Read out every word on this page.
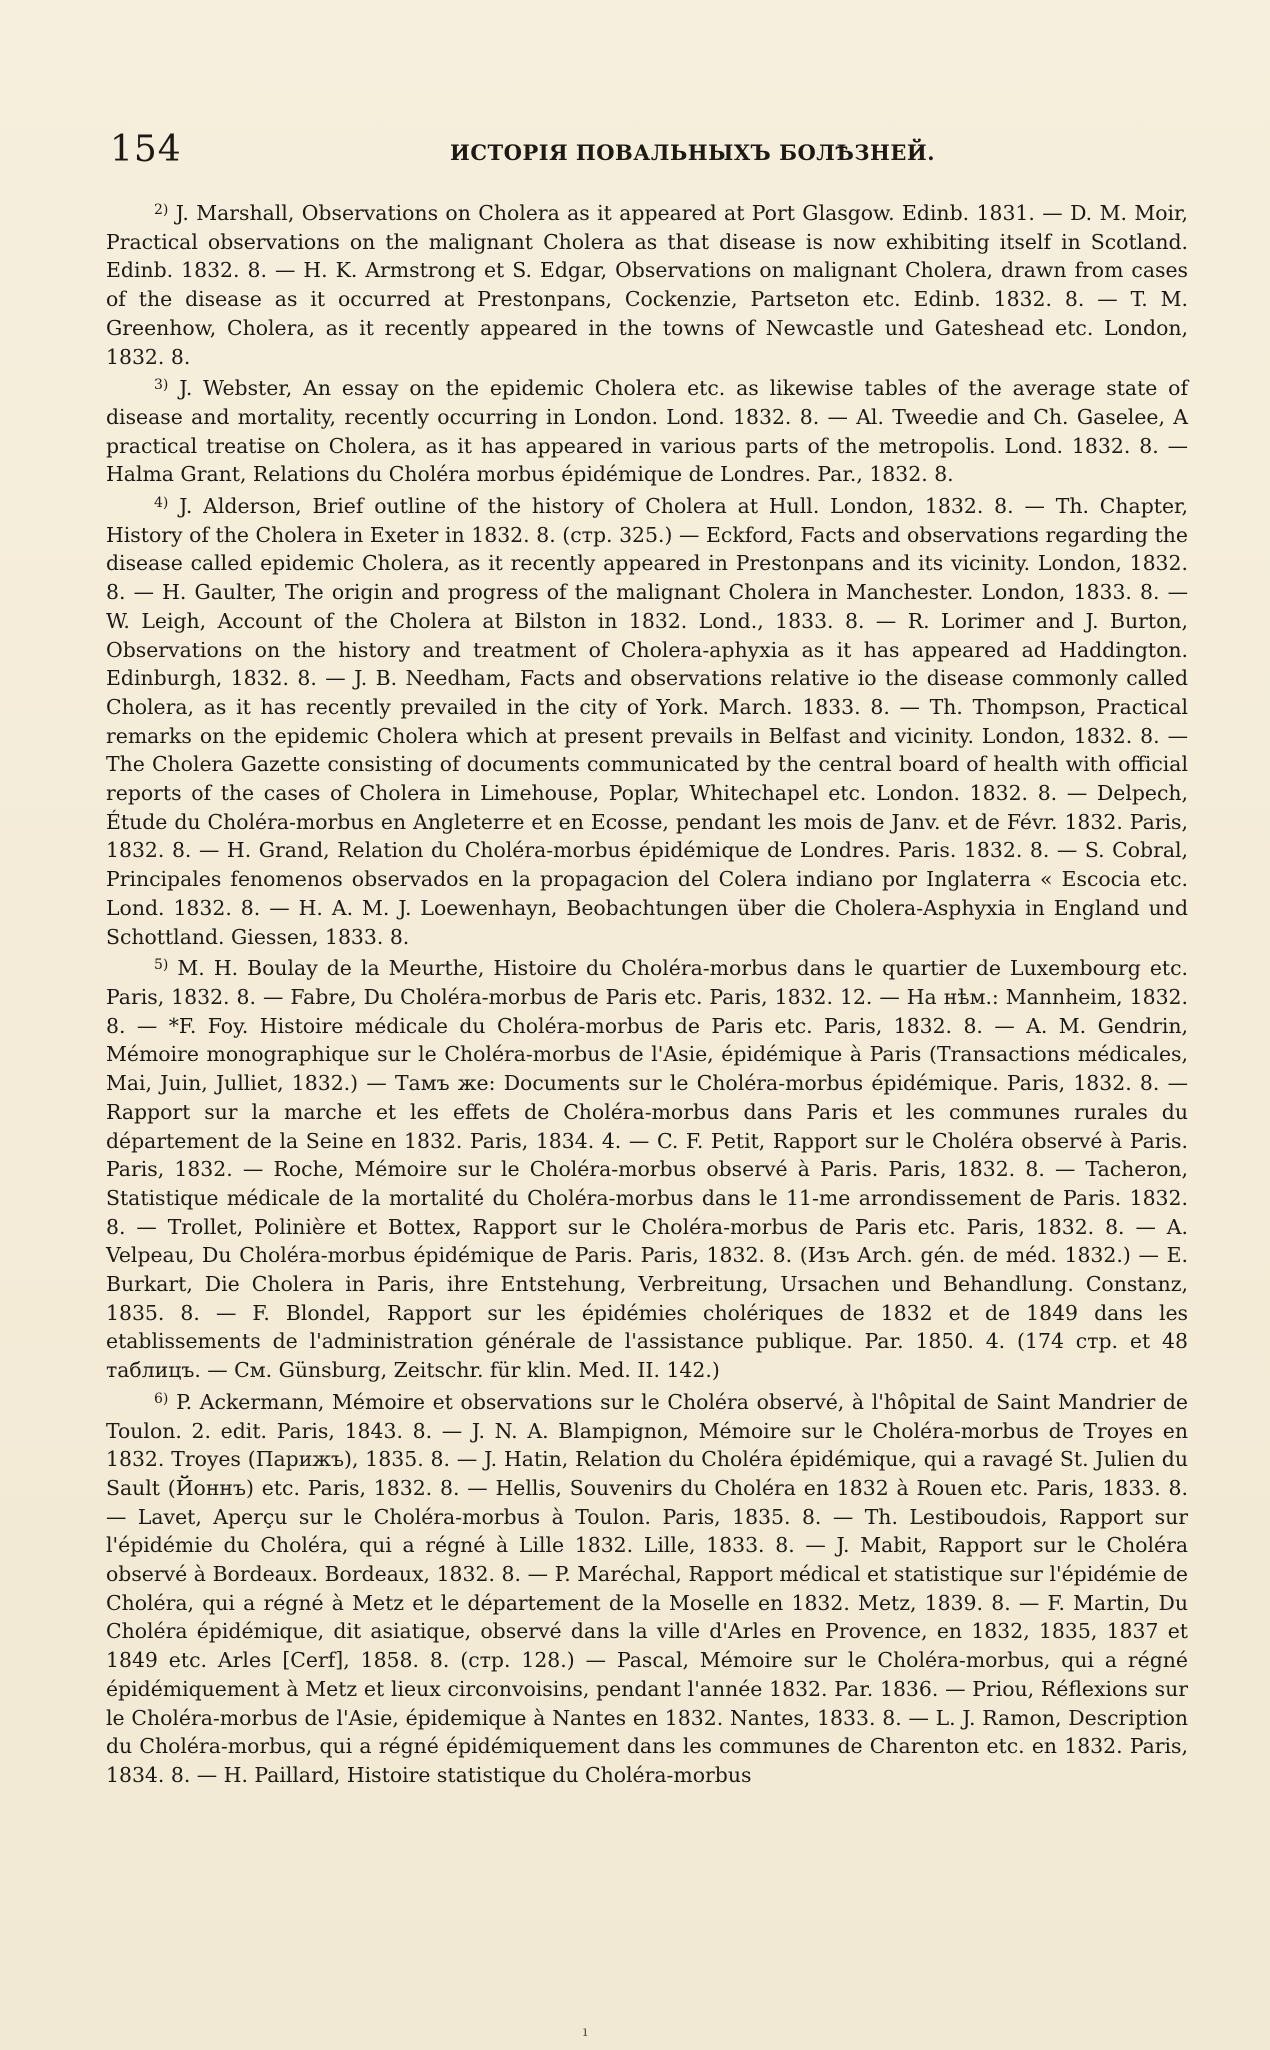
154	ИСТОРІЯ ПОВАЛЬНЫХЪ БОЛѢЗНЕЙ.

$^{2)}$ J. Marshall, Observations on Cholera as it appeared at Port Glasgow. Edinb. 1831. — D. M. Moir, Practical observations on the malignant Cholera as that disease is now exhibiting itself in Scotland. Edinb. 1832. 8. — H. K. Armstrong et S. Edgar, Observations on malignant Cholera, drawn from cases of the disease as it occurred at Prestonpans, Cockenzie, Partseton etc. Edinb. 1832. 8. — T. M. Greenhow, Cholera, as it recently appeared in the towns of Newcastle und Gateshead etc. London, 1832. 8.

$^{3)}$ J. Webster, An essay on the epidemic Cholera etc. as likewise tables of the average state of disease and mortality, recently occurring in London. Lond. 1832. 8. — Al. Tweedie and Ch. Gaselee, A practical treatise on Cholera, as it has appeared in various parts of the metropolis. Lond. 1832. 8. — Halma Grant, Relations du Choléra morbus épidémique de Londres. Par., 1832. 8.

$^{4)}$ J. Alderson, Brief outline of the history of Cholera at Hull. London, 1832. 8. — Th. Chapter, History of the Cholera in Exeter in 1832. 8. (стр. 325.) — Eckford, Facts and observations regarding the disease called epidemic Cholera, as it recently appeared in Prestonpans and its vicinity. London, 1832. 8. — H. Gaulter, The origin and progress of the malignant Cholera in Manchester. London, 1833. 8. — W. Leigh, Account of the Cholera at Bilston in 1832. Lond., 1833. 8. — R. Lorimer and J. Burton, Observations on the history and treatment of Cholera-aphyxia as it has appeared ad Haddington. Edinburgh, 1832. 8. — J. B. Needham, Facts and observations relative io the disease commonly called Cholera, as it has recently prevailed in the city of York. March. 1833. 8. — Th. Thompson, Practical remarks on the epidemic Cholera which at present prevails in Belfast and vicinity. London, 1832. 8. — The Cholera Gazette consisting of documents communicated by the central board of health with official reports of the cases of Cholera in Limehouse, Poplar, Whitechapel etc. London. 1832. 8. — Delpech, Étude du Choléra-morbus en Angleterre et en Ecosse, pendant les mois de Janv. et de Févr. 1832. Paris, 1832. 8. — H. Grand, Relation du Choléra-morbus épidémique de Londres. Paris. 1832. 8. — S. Cobral, Principales fenomenos observados en la propagacion del Colera indiano por Inglaterra « Escocia etc. Lond. 1832. 8. — H. A. M. J. Loewenhayn, Beobachtungen über die Cholera-Asphyxia in England und Schottland. Giessen, 1833. 8.

$^{5)}$ M. H. Boulay de la Meurthe, Histoire du Choléra-morbus dans le quartier de Luxembourg etc. Paris, 1832. 8. — Fabre, Du Choléra-morbus de Paris etc. Paris, 1832. 12. — На нѣм.: Mannheim, 1832. 8. — *F. Foy. Histoire médicale du Choléra-morbus de Paris etc. Paris, 1832. 8. — A. M. Gendrin, Mémoire monographique sur le Choléra-morbus de l'Asie, épidémique à Paris (Transactions médicales, Mai, Juin, Julliet, 1832.) — Тамъ же: Documents sur le Choléra-morbus épidémique. Paris, 1832. 8. — Rapport sur la marche et les effets de Choléra-morbus dans Paris et les communes rurales du département de la Seine en 1832. Paris, 1834. 4. — C. F. Petit, Rapport sur le Choléra observé à Paris. Paris, 1832. — Roche, Mémoire sur le Choléra-morbus observé à Paris. Paris, 1832. 8. — Tacheron, Statistique médicale de la mortalité du Choléra-morbus dans le 11-me arrondissement de Paris. 1832. 8. — Trollet, Polinière et Bottex, Rapport sur le Choléra-morbus de Paris etc. Paris, 1832. 8. — A. Velpeau, Du Choléra-morbus épidémique de Paris. Paris, 1832. 8. (Изъ Arch. gén. de méd. 1832.) — E. Burkart, Die Cholera in Paris, ihre Entstehung, Verbreitung, Ursachen und Behandlung. Constanz, 1835. 8. — F. Blondel, Rapport sur les épidémies cholériques de 1832 et de 1849 dans les etablissements de l'administration générale de l'assistance publique. Par. 1850. 4. (174 стр. et 48 таблицъ. — См. Günsburg, Zeitschr. für klin. Med. II. 142.)

$^{6)}$ P. Ackermann, Mémoire et observations sur le Choléra observé, à l'hôpital de Saint Mandrier de Toulon. 2. edit. Paris, 1843. 8. — J. N. A. Blampignon, Mémoire sur le Choléra-morbus de Troyes en 1832. Troyes (Парижъ), 1835. 8. — J. Hatin, Relation du Choléra épidémique, qui a ravagé St. Julien du Sault (Йоннъ) etc. Paris, 1832. 8. — Hellis, Souvenirs du Choléra en 1832 à Rouen etc. Paris, 1833. 8. — Lavet, Aperçu sur le Choléra-morbus à Toulon. Paris, 1835. 8. — Th. Lestiboudois, Rapport sur l'épidémie du Choléra, qui a régné à Lille 1832. Lille, 1833. 8. — J. Mabit, Rapport sur le Choléra observé à Bordeaux. Bordeaux, 1832. 8. — P. Maréchal, Rapport médical et statistique sur l'épidémie de Choléra, qui a régné à Metz et le département de la Moselle en 1832. Metz, 1839. 8. — F. Martin, Du Choléra épidémique, dit asiatique, observé dans la ville d'Arles en Provence, en 1832, 1835, 1837 et 1849 etc. Arles [Cerf], 1858. 8. (стр. 128.) — Pascal, Mémoire sur le Choléra-morbus, qui a régné épidémiquement à Metz et lieux circonvoisins, pendant l'année 1832. Par. 1836. — Priou, Réflexions sur le Choléra-morbus de l'Asie, épidemique à Nantes en 1832. Nantes, 1833. 8. — L. J. Ramon, Description du Choléra-morbus, qui a régné épidémiquement dans les communes de Charenton etc. en 1832. Paris, 1834. 8. — H. Paillard, Histoire statistique du Choléra-morbus

ı
